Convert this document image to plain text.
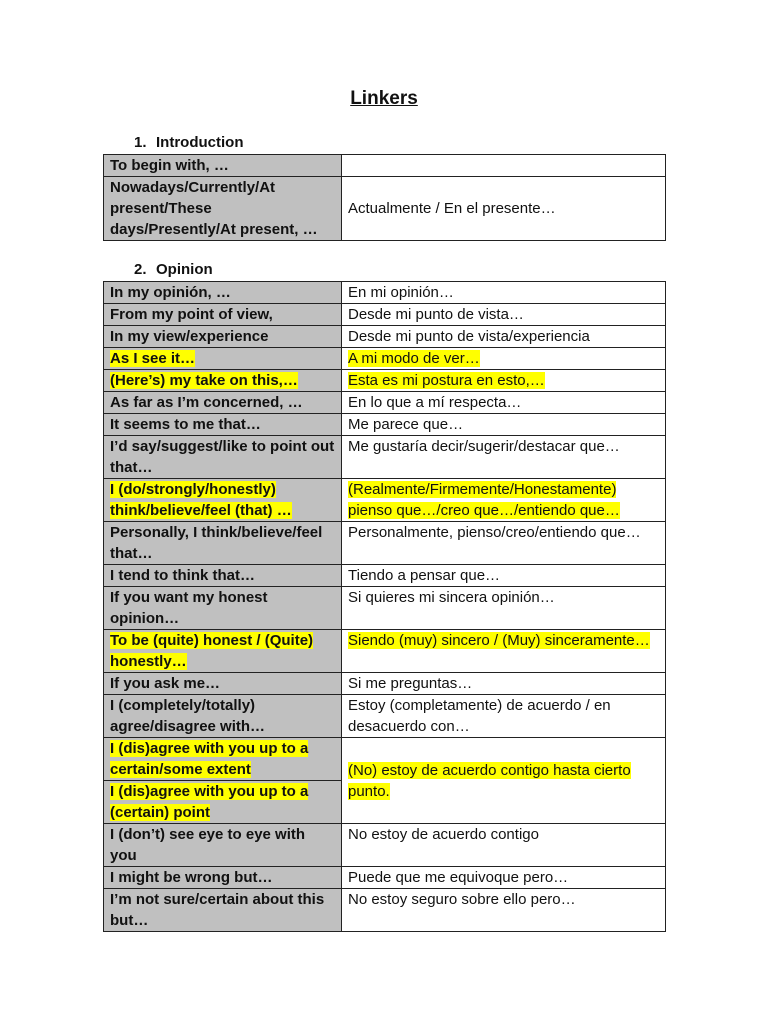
Linkers
1. Introduction
To begin with, …	
Nowadays/Currently/At present/These days/Presently/At present, …	Actualmente / En el presente…
2. Opinion
In my opinión, …	En mi opinión…
From my point of view,	Desde mi punto de vista…
In my view/experience	Desde mi punto de vista/experiencia
As I see it…	A mi modo de ver…
(Here’s) my take on this,…	Esta es mi postura en esto,…
As far as I’m concerned, …	En lo que a mí respecta…
It seems to me that…	Me parece que…
I’d say/suggest/like to point out that…	Me gustaría decir/sugerir/destacar que…
I (do/strongly/honestly) think/believe/feel (that) …	(Realmente/Firmemente/Honestamente) pienso que…/creo que…/entiendo que…
Personally, I think/believe/feel that…	Personalmente, pienso/creo/entiendo que…
I tend to think that…	Tiendo a pensar que…
If you want my honest opinion…	Si quieres mi sincera opinión…
To be (quite) honest / (Quite) honestly…	Siendo (muy) sincero / (Muy) sinceramente…
If you ask me…	Si me preguntas…
I (completely/totally) agree/disagree with…	Estoy (completamente) de acuerdo / en desacuerdo con…
I (dis)agree with you up to a certain/some extent	(No) estoy de acuerdo contigo hasta cierto punto.
I (dis)agree with you up to a (certain) point	
I (don’t) see eye to eye with you	No estoy de acuerdo contigo
I might be wrong but…	Puede que me equivoque pero…
I’m not sure/certain about this but…	No estoy seguro sobre ello pero…
